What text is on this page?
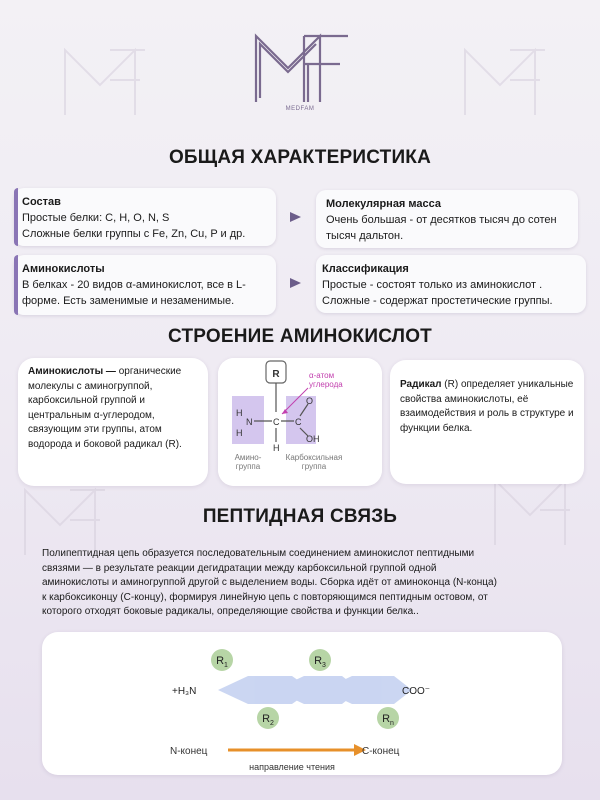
MEDFAM
ОБЩАЯ ХАРАКТЕРИСТИКА
Состав
Простые белки: C, H, O, N, S
Сложные белки группы с Fe, Zn, Cu, P и др.
Молекулярная масса
Очень большая - от десятков тысяч до сотен тысяч дальтон.
Аминокислоты
В белках - 20 видов α-аминокислот, все в L-форме. Есть заменимые и незаменимые.
Классификация
Простые - состоят только из аминокислот .
Сложные - содержат простетические группы.
СТРОЕНИЕ АМИНОКИСЛОТ
Аминокислоты — органические молекулы с аминогруппой, карбоксильной группой и центральным α-углеродом, связующим эти группы, атом водорода и боковой радикал (R).
R
H
N
H
C
H
C
O
OH
α-атом
углерода
Амино-
группа
Карбоксильная
группа
Радикал (R) определяет уникальные свойства аминокислоты, её взаимодействия и роль в структуре и функции белка.
ПЕПТИДНАЯ СВЯЗЬ
Полипептидная цепь образуется последовательным соединением аминокислот пептидными
связями — в результате реакции дегидратации между карбоксильной группой одной
аминокислоты и аминогруппой другой с выделением воды. Сборка идёт от аминоконца (N-конца)
к карбоксиконцу (C-концу), формируя линейную цепь с повторяющимся пептидным остовом, от
которого отходят боковые радикалы, определяющие свойства и функции белка..
$R_1$
$R_2$
$R_3$
$R_n$
+H₃N	COO⁻
N-конец	C-конец
направление чтения
